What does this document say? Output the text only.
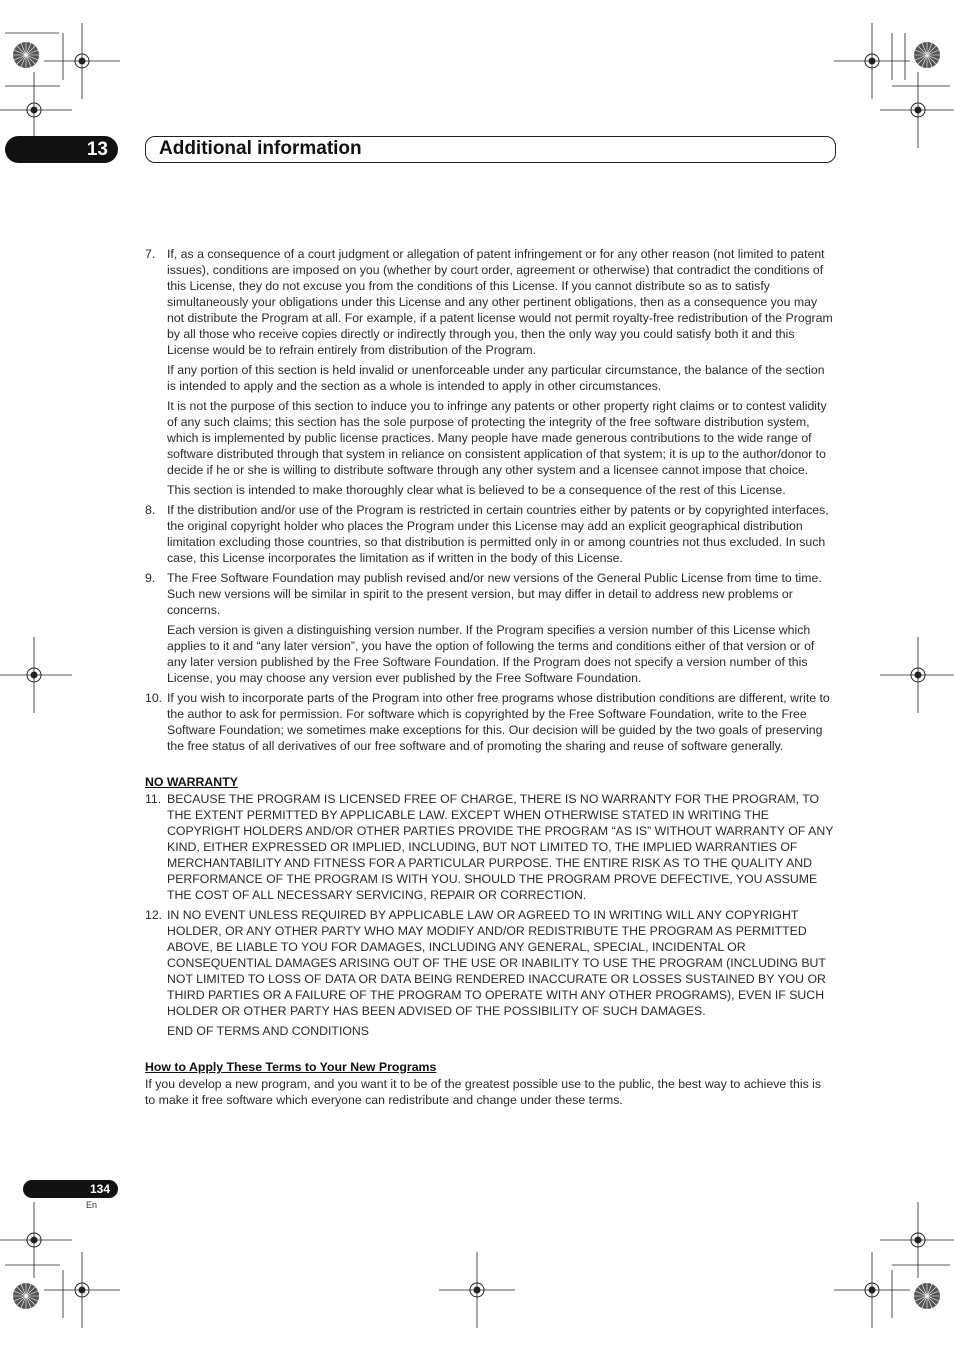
13	Additional information
7. If, as a consequence of a court judgment or allegation of patent infringement or for any other reason (not limited to patent issues), conditions are imposed on you (whether by court order, agreement or otherwise) that contradict the conditions of this License, they do not excuse you from the conditions of this License. If you cannot distribute so as to satisfy simultaneously your obligations under this License and any other pertinent obligations, then as a consequence you may not distribute the Program at all. For example, if a patent license would not permit royalty-free redistribution of the Program by all those who receive copies directly or indirectly through you, then the only way you could satisfy both it and this License would be to refrain entirely from distribution of the Program.

If any portion of this section is held invalid or unenforceable under any particular circumstance, the balance of the section is intended to apply and the section as a whole is intended to apply in other circumstances.

It is not the purpose of this section to induce you to infringe any patents or other property right claims or to contest validity of any such claims; this section has the sole purpose of protecting the integrity of the free software distribution system, which is implemented by public license practices. Many people have made generous contributions to the wide range of software distributed through that system in reliance on consistent application of that system; it is up to the author/donor to decide if he or she is willing to distribute software through any other system and a licensee cannot impose that choice.

This section is intended to make thoroughly clear what is believed to be a consequence of the rest of this License.

8. If the distribution and/or use of the Program is restricted in certain countries either by patents or by copyrighted interfaces, the original copyright holder who places the Program under this License may add an explicit geographical distribution limitation excluding those countries, so that distribution is permitted only in or among countries not thus excluded. In such case, this License incorporates the limitation as if written in the body of this License.

9. The Free Software Foundation may publish revised and/or new versions of the General Public License from time to time. Such new versions will be similar in spirit to the present version, but may differ in detail to address new problems or concerns.

Each version is given a distinguishing version number. If the Program specifies a version number of this License which applies to it and “any later version”, you have the option of following the terms and conditions either of that version or of any later version published by the Free Software Foundation. If the Program does not specify a version number of this License, you may choose any version ever published by the Free Software Foundation.

10. If you wish to incorporate parts of the Program into other free programs whose distribution conditions are different, write to the author to ask for permission. For software which is copyrighted by the Free Software Foundation, write to the Free Software Foundation; we sometimes make exceptions for this. Our decision will be guided by the two goals of preserving the free status of all derivatives of our free software and of promoting the sharing and reuse of software generally.

NO WARRANTY
11. BECAUSE THE PROGRAM IS LICENSED FREE OF CHARGE, THERE IS NO WARRANTY FOR THE PROGRAM, TO THE EXTENT PERMITTED BY APPLICABLE LAW. EXCEPT WHEN OTHERWISE STATED IN WRITING THE COPYRIGHT HOLDERS AND/OR OTHER PARTIES PROVIDE THE PROGRAM “AS IS” WITHOUT WARRANTY OF ANY KIND, EITHER EXPRESSED OR IMPLIED, INCLUDING, BUT NOT LIMITED TO, THE IMPLIED WARRANTIES OF MERCHANTABILITY AND FITNESS FOR A PARTICULAR PURPOSE. THE ENTIRE RISK AS TO THE QUALITY AND PERFORMANCE OF THE PROGRAM IS WITH YOU. SHOULD THE PROGRAM PROVE DEFECTIVE, YOU ASSUME THE COST OF ALL NECESSARY SERVICING, REPAIR OR CORRECTION.

12. IN NO EVENT UNLESS REQUIRED BY APPLICABLE LAW OR AGREED TO IN WRITING WILL ANY COPYRIGHT HOLDER, OR ANY OTHER PARTY WHO MAY MODIFY AND/OR REDISTRIBUTE THE PROGRAM AS PERMITTED ABOVE, BE LIABLE TO YOU FOR DAMAGES, INCLUDING ANY GENERAL, SPECIAL, INCIDENTAL OR CONSEQUENTIAL DAMAGES ARISING OUT OF THE USE OR INABILITY TO USE THE PROGRAM (INCLUDING BUT NOT LIMITED TO LOSS OF DATA OR DATA BEING RENDERED INACCURATE OR LOSSES SUSTAINED BY YOU OR THIRD PARTIES OR A FAILURE OF THE PROGRAM TO OPERATE WITH ANY OTHER PROGRAMS), EVEN IF SUCH HOLDER OR OTHER PARTY HAS BEEN ADVISED OF THE POSSIBILITY OF SUCH DAMAGES.

END OF TERMS AND CONDITIONS

How to Apply These Terms to Your New Programs

If you develop a new program, and you want it to be of the greatest possible use to the public, the best way to achieve this is to make it free software which everyone can redistribute and change under these terms.

134
En
